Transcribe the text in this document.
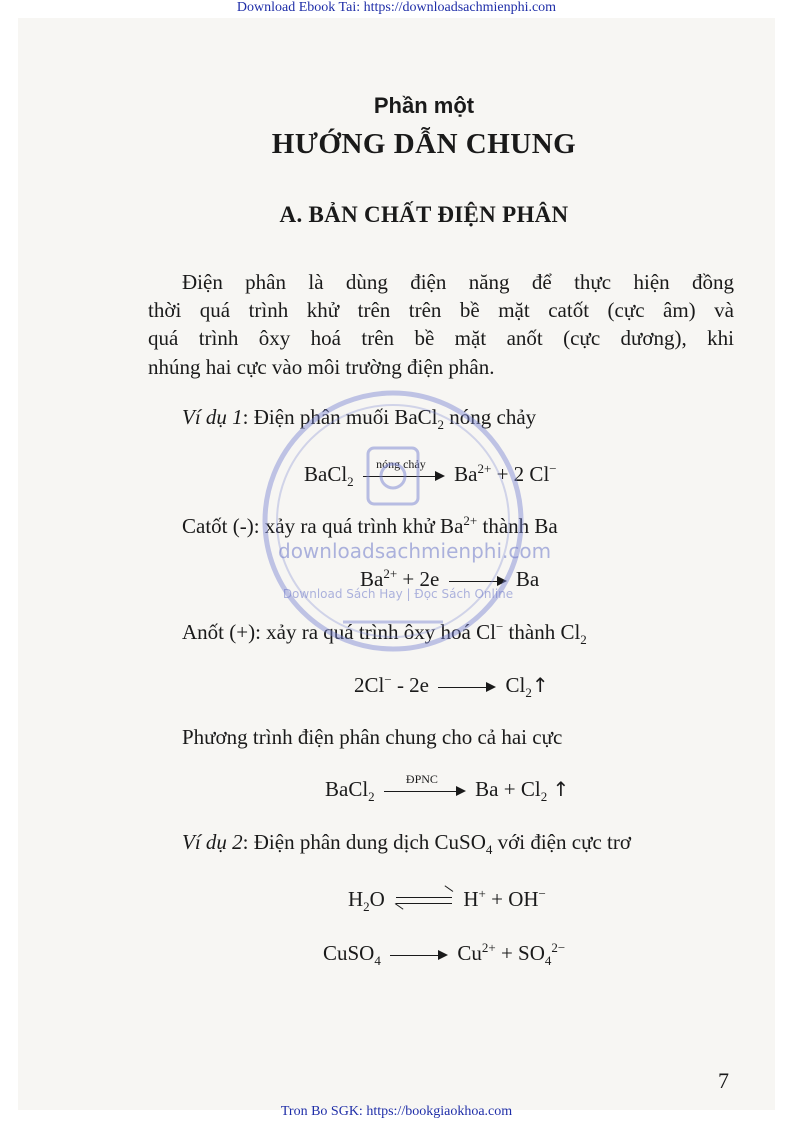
Download Ebook Tai: https://downloadsachmienphi.com
Phần một
HƯỚNG DẪN CHUNG
A. BẢN CHẤT ĐIỆN PHÂN
Điện phân là dùng điện năng để thực hiện đồng
thời quá trình khử trên trên bề mặt catốt (cực âm) và
quá trình ôxy hoá trên bề mặt anốt (cực dương), khi
nhúng hai cực vào môi trường điện phân.
Ví dụ 1: Điện phân muối BaCl$_2$ nóng chảy
BaCl$_2$
nóng chảy	$Ba^{2+} + 2$ Cl−
Catốt (-): xảy ra quá trình khử $Ba^{2+}$ thành Ba
$Ba^{2+} + 2e$	Ba
Anốt (+): xảy ra quá trình ôxy hoá Cl− thành $Cl_2$
2Cl− - 2e	$Cl_2↑$
Phương trình điện phân chung cho cả hai cực
BaCl$_2$
ĐPNC	$Ba + Cl_2$ ↑
Ví dụ 2: Điện phân dung dịch CuSO$_4$ với điện cực trơ
$H_2O$ ⇌ H+ + OH−
CuSO$_4$	$Cu^{2+} + SO_4^{2-}$
downloadsachmienphi.com
Download Sách Hay | Đọc Sách Online
7
Tron Bo SGK: https://bookgiaokhoa.com
